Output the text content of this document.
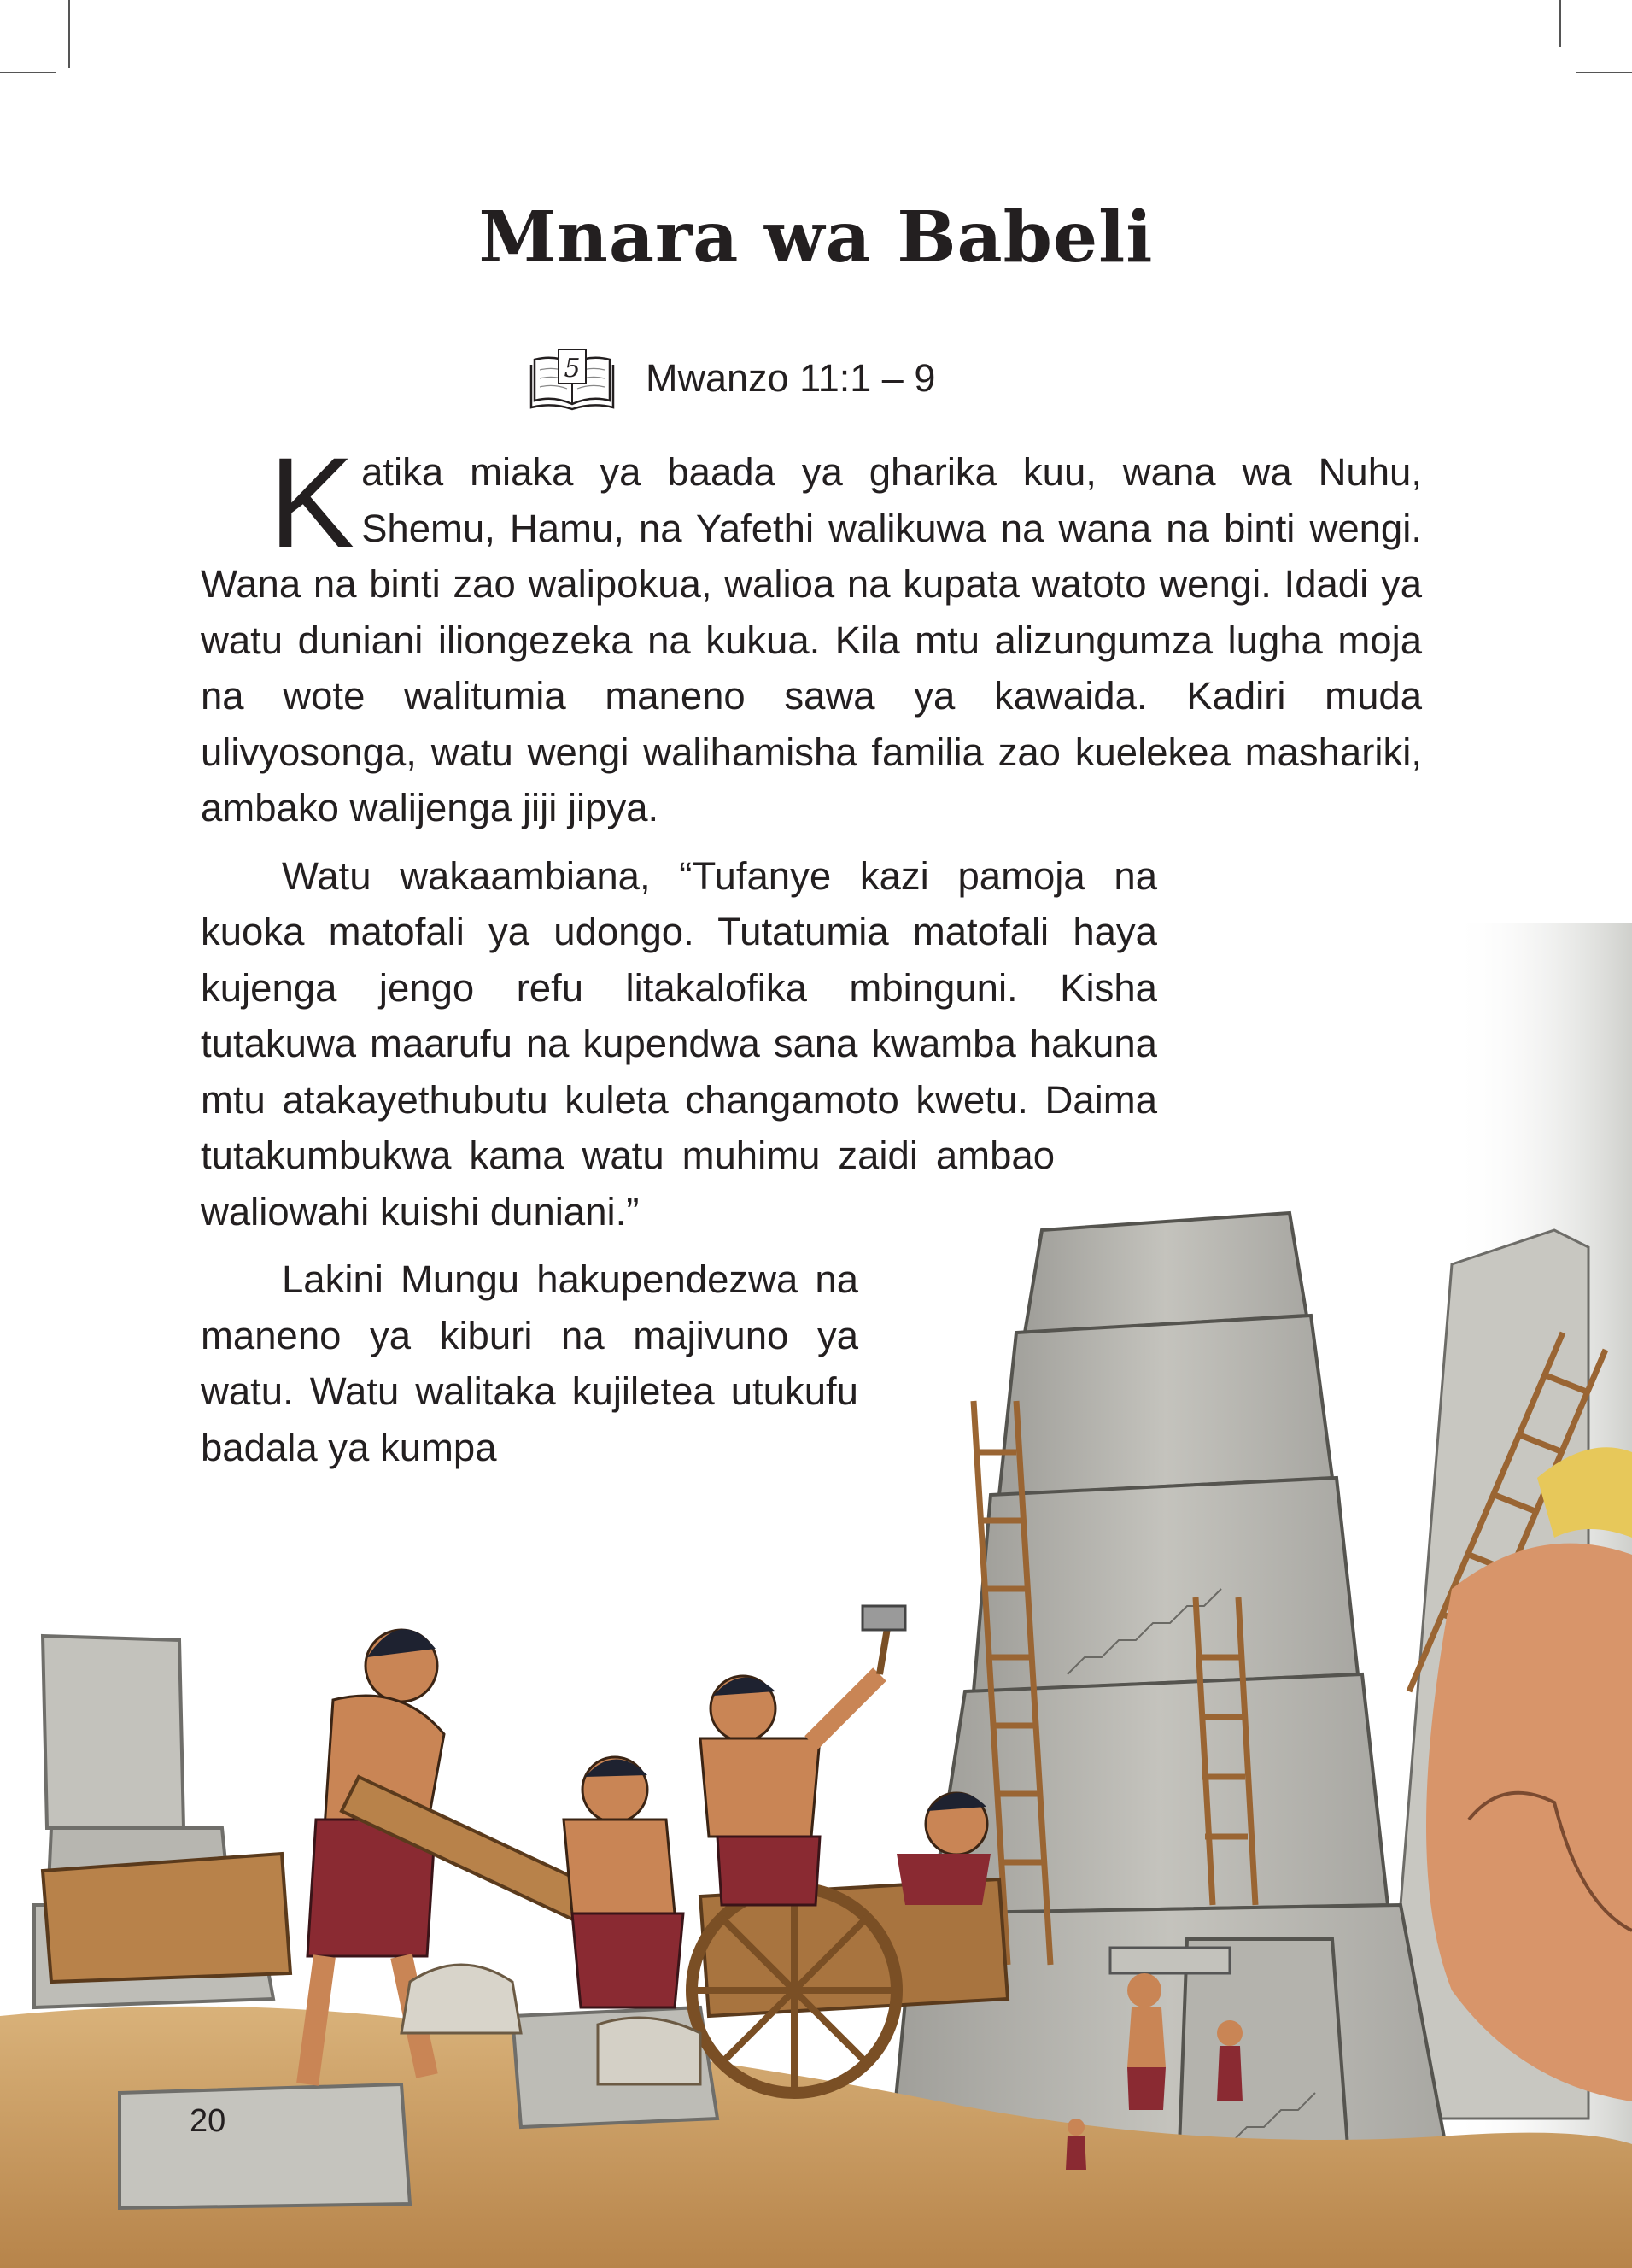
Mnara wa Babeli
5 Mwanzo 11:1 – 9

Katika miaka ya baada ya gharika kuu, wana wa Nuhu, Shemu, Hamu, na Yafethi walikuwa na wana na binti wengi. Wana na binti zao walipokua, walioa na kupata watoto wengi. Idadi ya watu duniani iliongezeka na kukua. Kila mtu alizungumza lugha moja na wote walitumia maneno sawa ya kawaida. Kadiri muda ulivyosonga, watu wengi walihamisha familia zao kuelekea mashariki, ambako walijenga jiji jipya.

Watu wakaambiana, “Tufanye kazi pamoja na kuoka matofali ya udongo. Tutatumia matofali haya kujenga jengo refu litakalofika mbinguni. Kisha tutakuwa maarufu na kupendwa sana kwamba hakuna mtu atakayethubutu kuleta changamoto kwetu. Daima tutakumbukwa kama watu muhimu zaidi ambao waliowahi kuishi duniani.”

Lakini Mungu hakupendezwa na maneno ya kiburi na majivuno ya watu. Watu walitaka kujiletea utukufu badala ya kumpa

20
